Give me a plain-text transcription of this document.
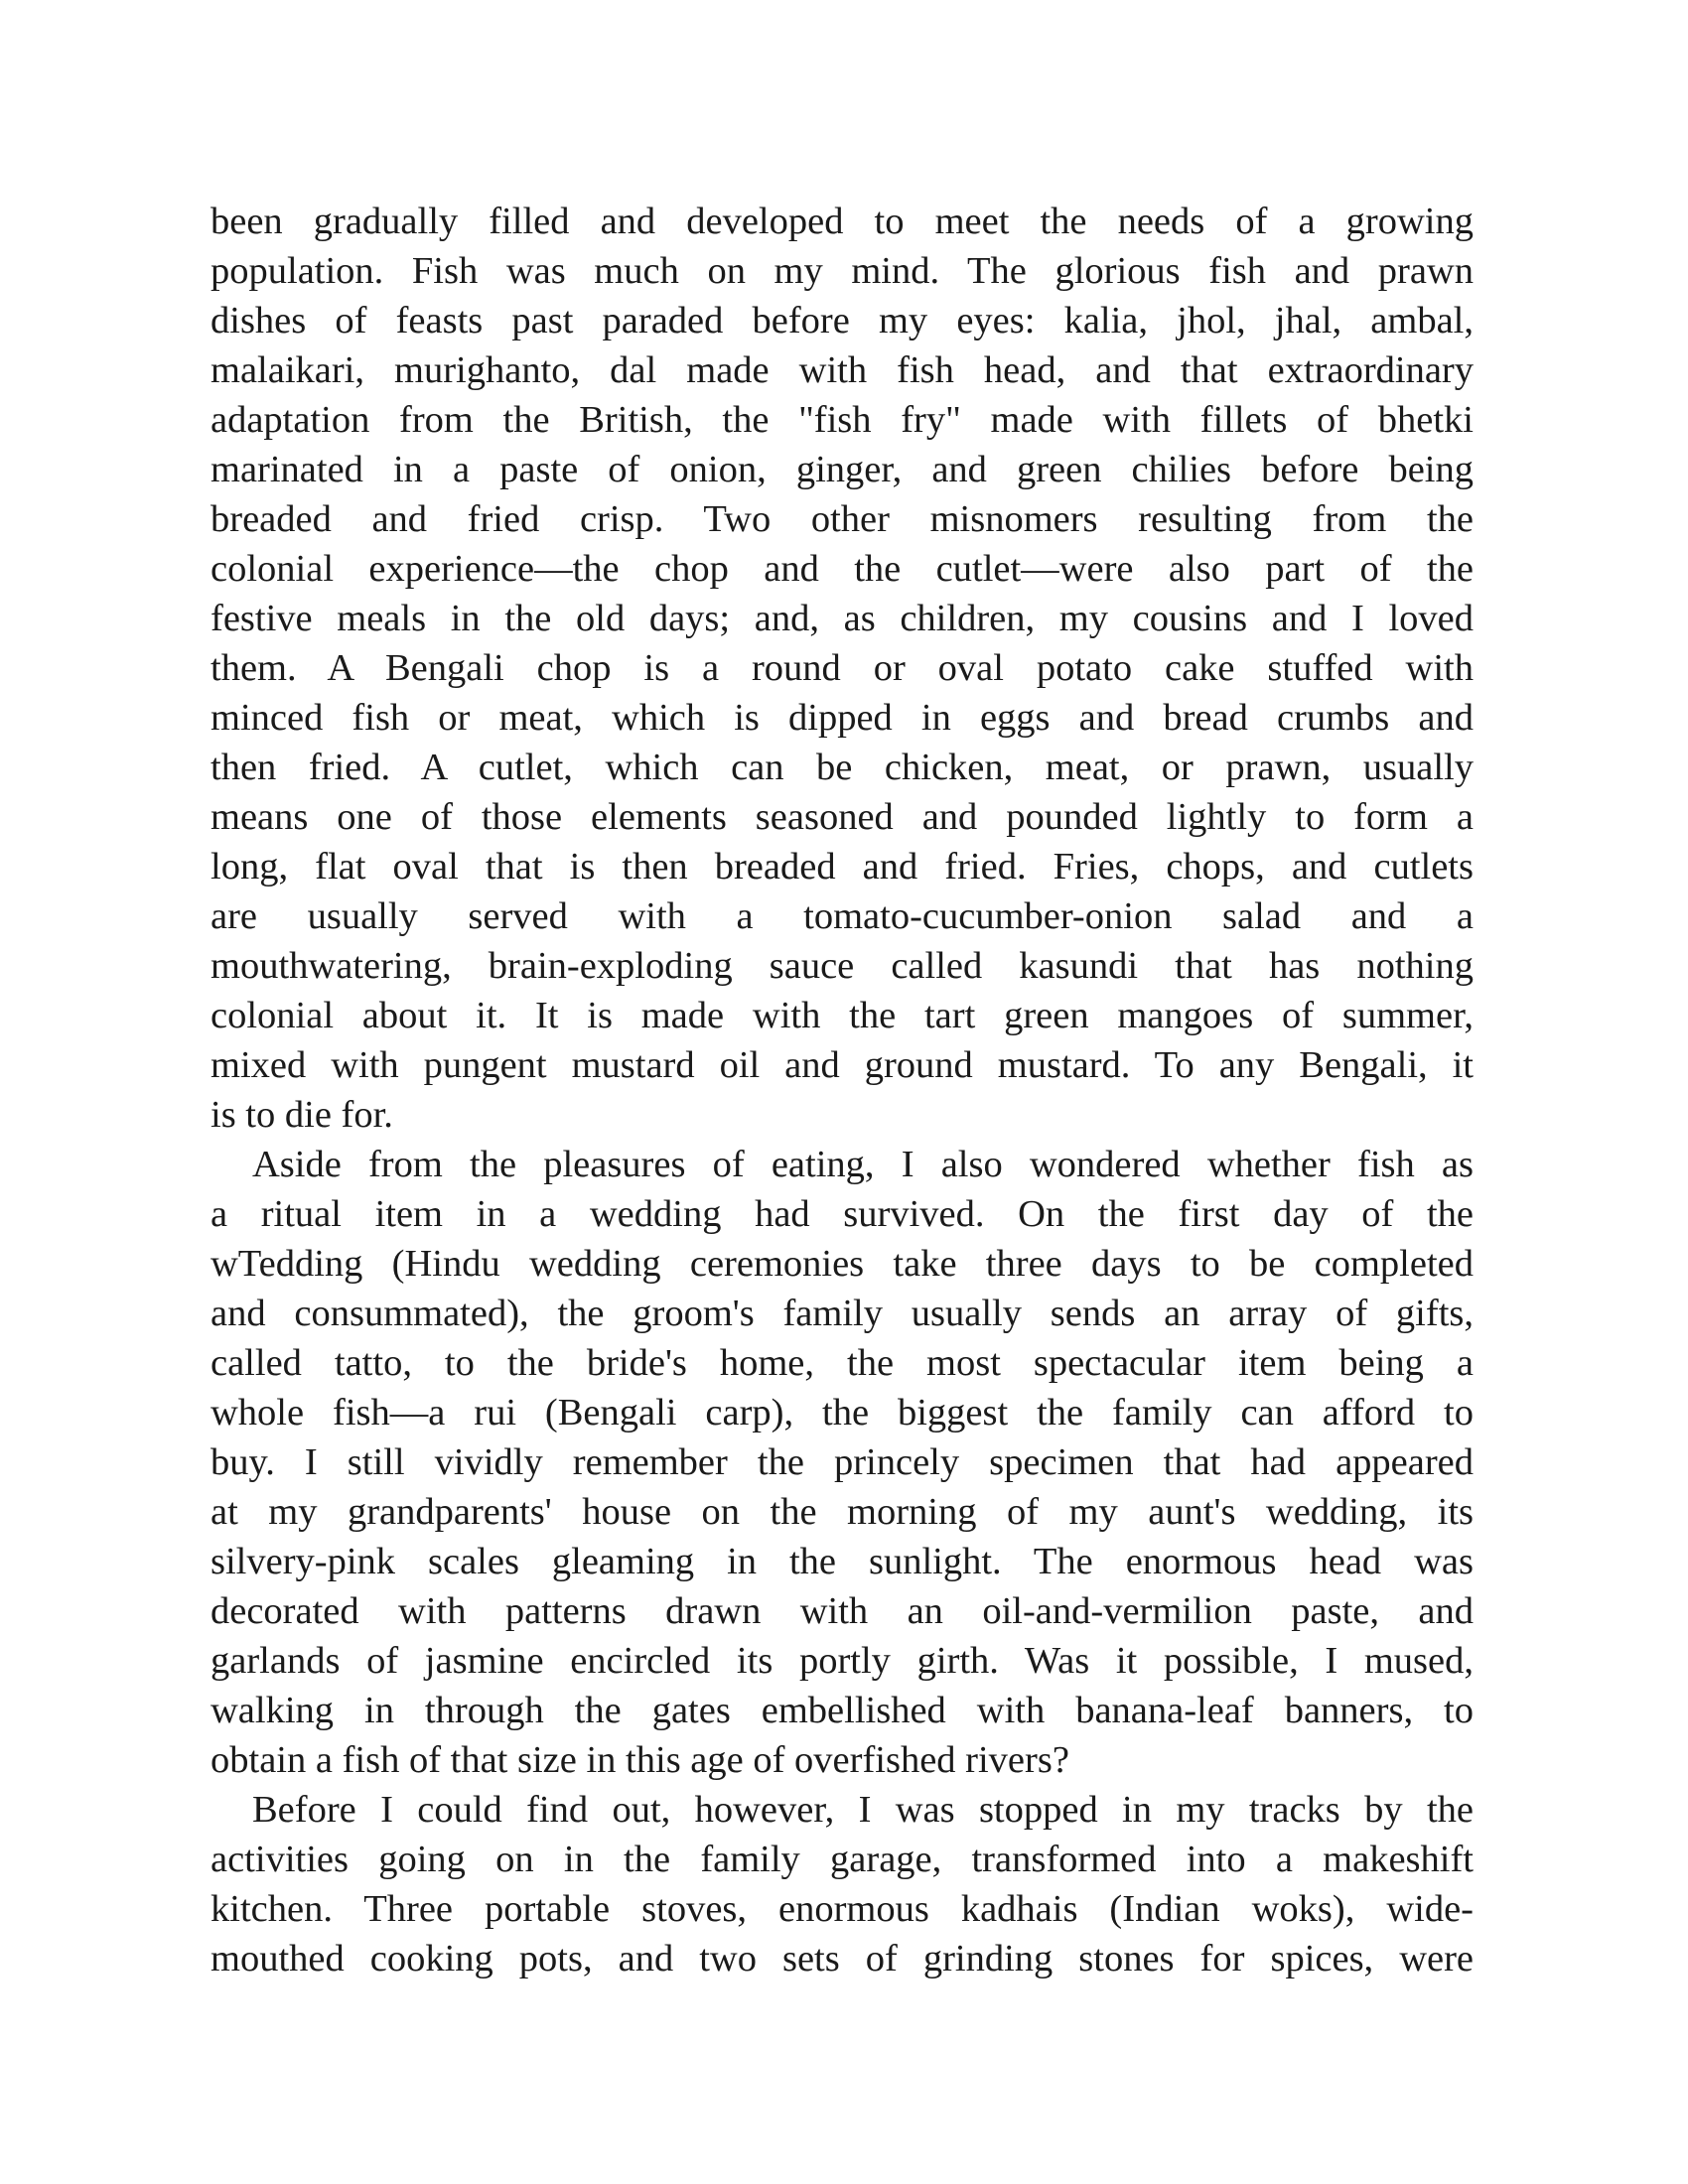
been gradually filled and developed to meet the needs of a growing
population. Fish was much on my mind. The glorious fish and prawn
dishes of feasts past paraded before my eyes: kalia, jhol, jhal, ambal,
malaikari, murighanto, dal made with fish head, and that extraordinary
adaptation from the British, the "fish fry" made with fillets of bhetki
marinated in a paste of onion, ginger, and green chilies before being
breaded and fried crisp. Two other misnomers resulting from the
colonial experience—the chop and the cutlet—were also part of the
festive meals in the old days; and, as children, my cousins and I loved
them. A Bengali chop is a round or oval potato cake stuffed with
minced fish or meat, which is dipped in eggs and bread crumbs and
then fried. A cutlet, which can be chicken, meat, or prawn, usually
means one of those elements seasoned and pounded lightly to form a
long, flat oval that is then breaded and fried. Fries, chops, and cutlets
are usually served with a tomato-cucumber-onion salad and a
mouthwatering, brain-exploding sauce called kasundi that has nothing
colonial about it. It is made with the tart green mangoes of summer,
mixed with pungent mustard oil and ground mustard. To any Bengali, it
is to die for.

Aside from the pleasures of eating, I also wondered whether fish as
a ritual item in a wedding had survived. On the first day of the
wTedding (Hindu wedding ceremonies take three days to be completed
and consummated), the groom's family usually sends an array of gifts,
called tatto, to the bride's home, the most spectacular item being a
whole fish—a rui (Bengali carp), the biggest the family can afford to
buy. I still vividly remember the princely specimen that had appeared
at my grandparents' house on the morning of my aunt's wedding, its
silvery-pink scales gleaming in the sunlight. The enormous head was
decorated with patterns drawn with an oil-and-vermilion paste, and
garlands of jasmine encircled its portly girth. Was it possible, I mused,
walking in through the gates embellished with banana-leaf banners, to
obtain a fish of that size in this age of overfished rivers?

Before I could find out, however, I was stopped in my tracks by the
activities going on in the family garage, transformed into a makeshift
kitchen. Three portable stoves, enormous kadhais (Indian woks), wide-
mouthed cooking pots, and two sets of grinding stones for spices, were
